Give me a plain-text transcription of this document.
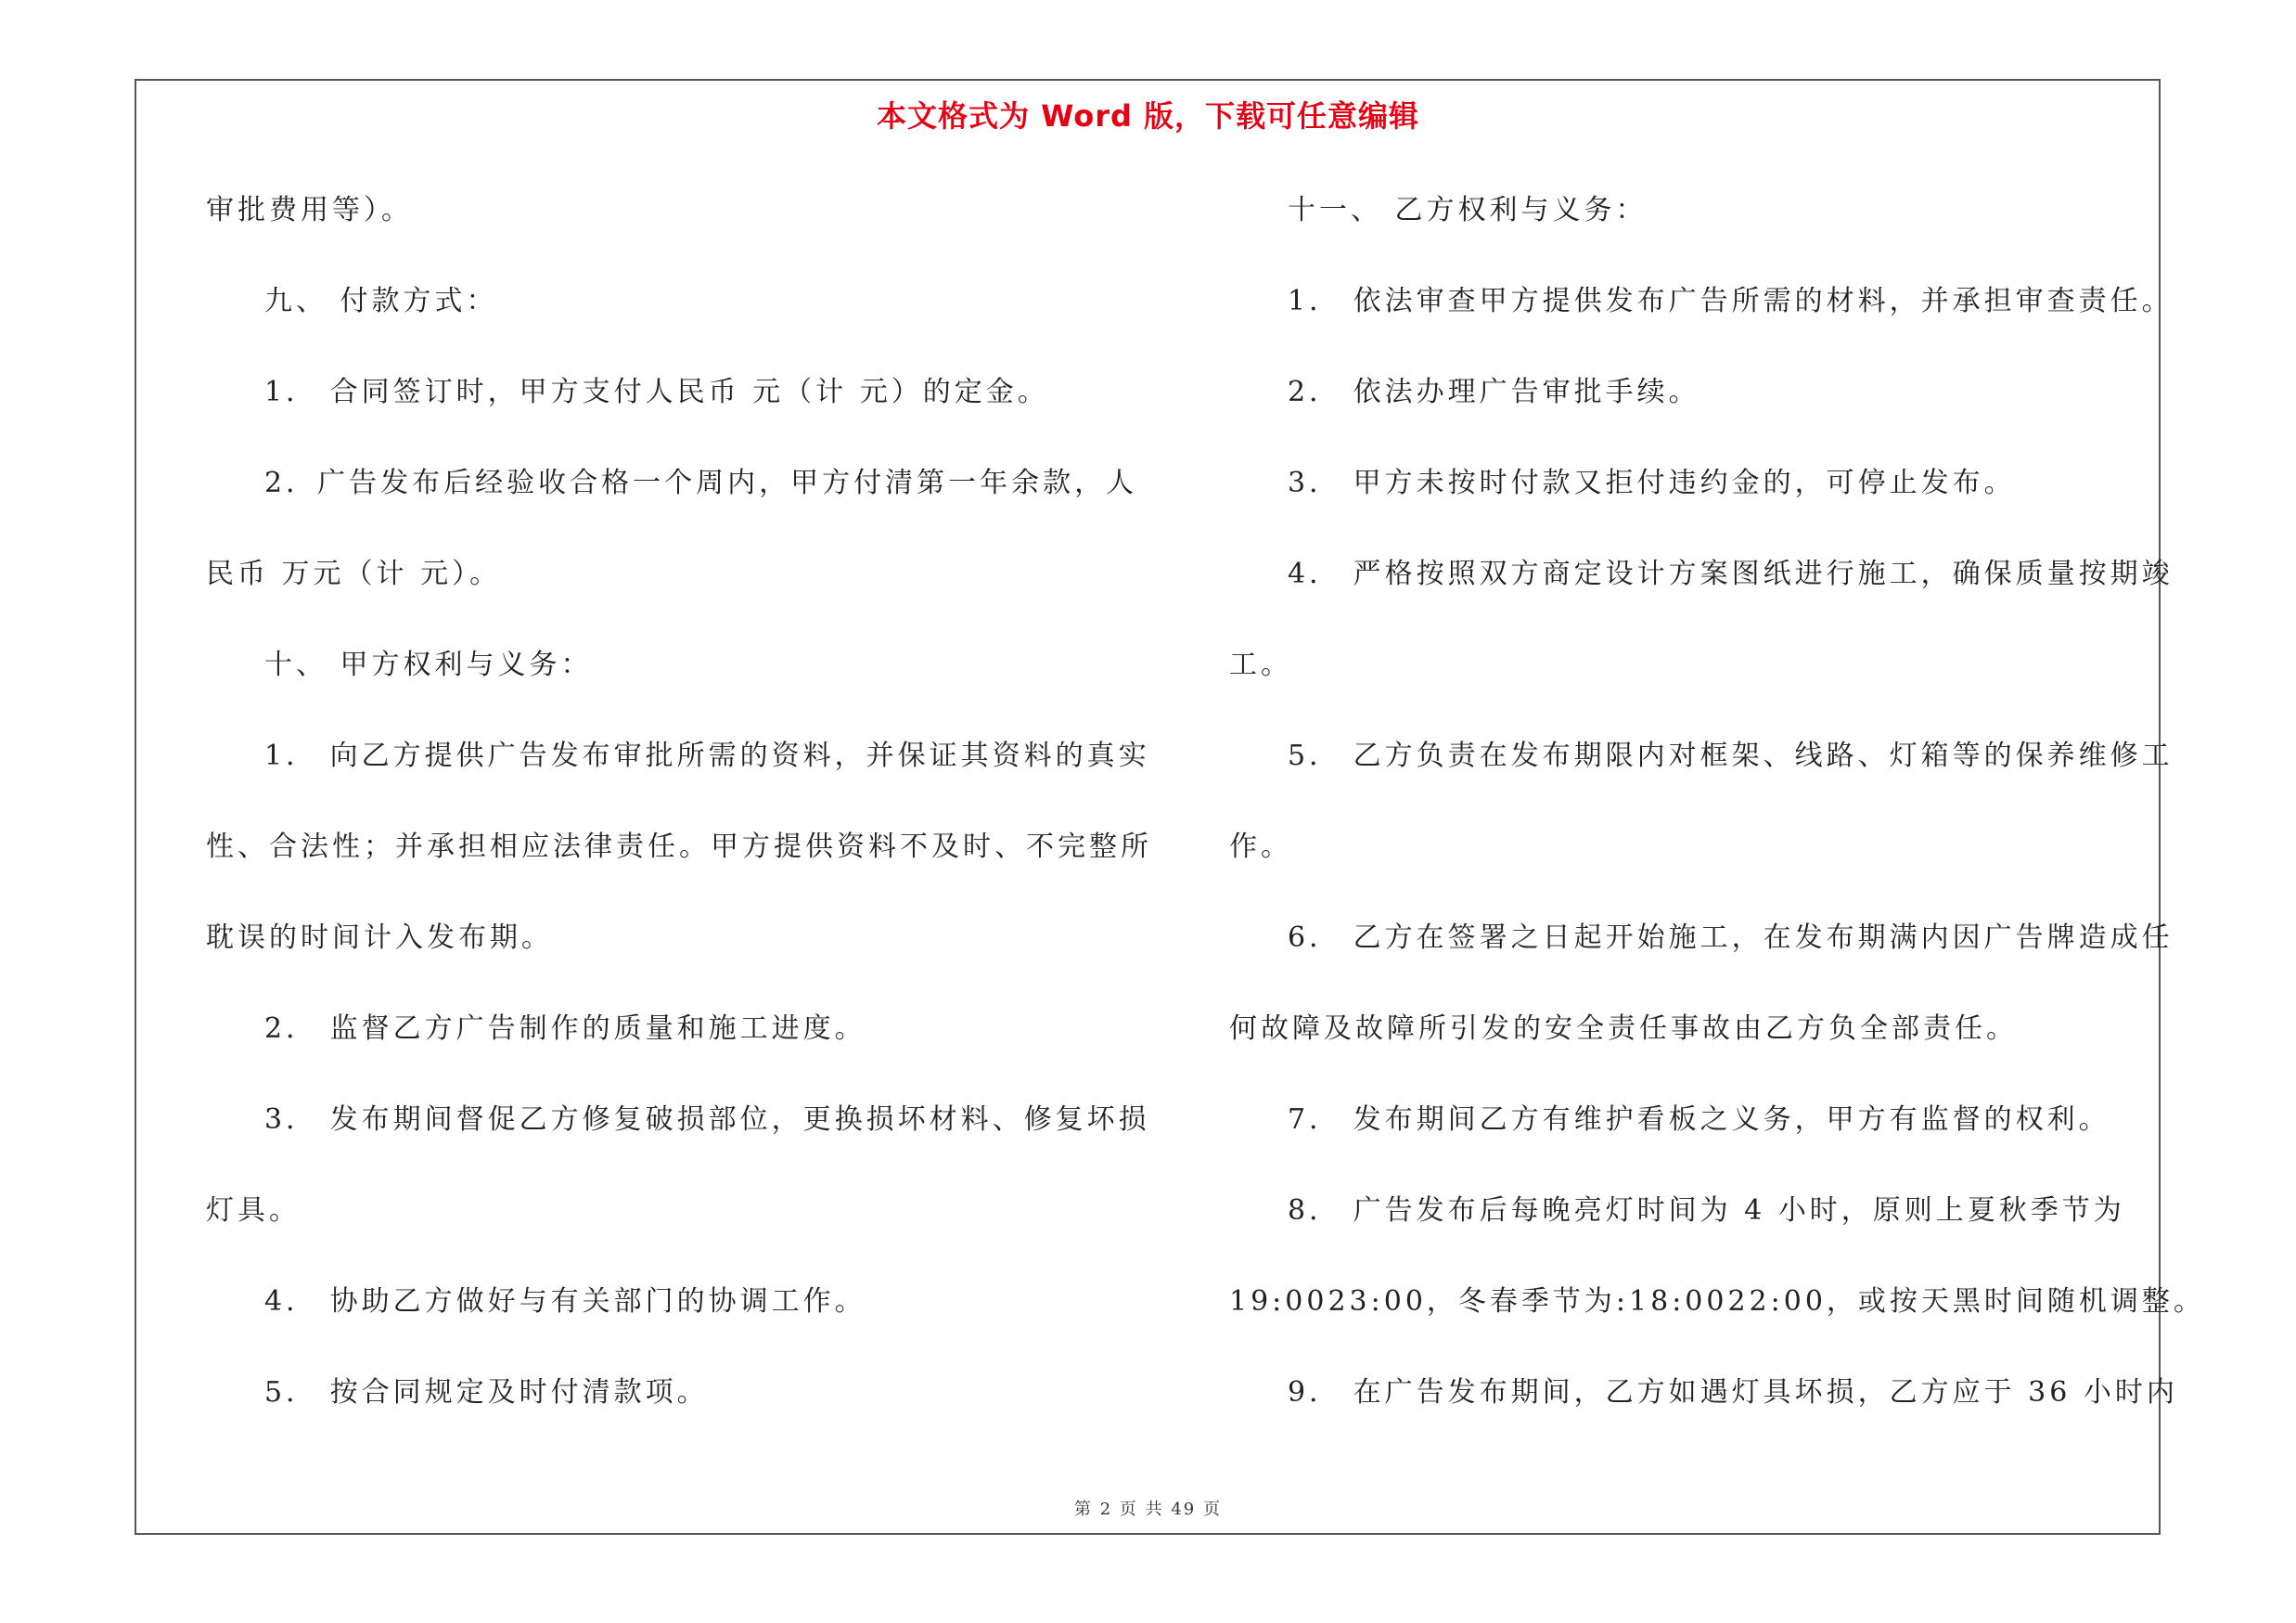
本文格式为 Word 版，下载可任意编辑
审批费用等）。
九、 付款方式：
1． 合同签订时，甲方支付人民币 元（计 元）的定金。
2．广告发布后经验收合格一个周内，甲方付清第一年余款，人
民币 万元（计 元）。
十、 甲方权利与义务：
1． 向乙方提供广告发布审批所需的资料，并保证其资料的真实
性、合法性；并承担相应法律责任。甲方提供资料不及时、不完整所
耽误的时间计入发布期。
2． 监督乙方广告制作的质量和施工进度。
3． 发布期间督促乙方修复破损部位，更换损坏材料、修复坏损
灯具。
4． 协助乙方做好与有关部门的协调工作。
5． 按合同规定及时付清款项。
十一、 乙方权利与义务：
1． 依法审查甲方提供发布广告所需的材料，并承担审查责任。
2． 依法办理广告审批手续。
3． 甲方未按时付款又拒付违约金的，可停止发布。
4． 严格按照双方商定设计方案图纸进行施工，确保质量按期竣
工。
5． 乙方负责在发布期限内对框架、线路、灯箱等的保养维修工
作。
6． 乙方在签署之日起开始施工，在发布期满内因广告牌造成任
何故障及故障所引发的安全责任事故由乙方负全部责任。
7． 发布期间乙方有维护看板之义务，甲方有监督的权利。
8． 广告发布后每晚亮灯时间为 4 小时，原则上夏秋季节为
19:0023:00，冬春季节为:18:0022:00，或按天黑时间随机调整。
9． 在广告发布期间，乙方如遇灯具坏损，乙方应于 36 小时内
第 2 页 共 49 页
